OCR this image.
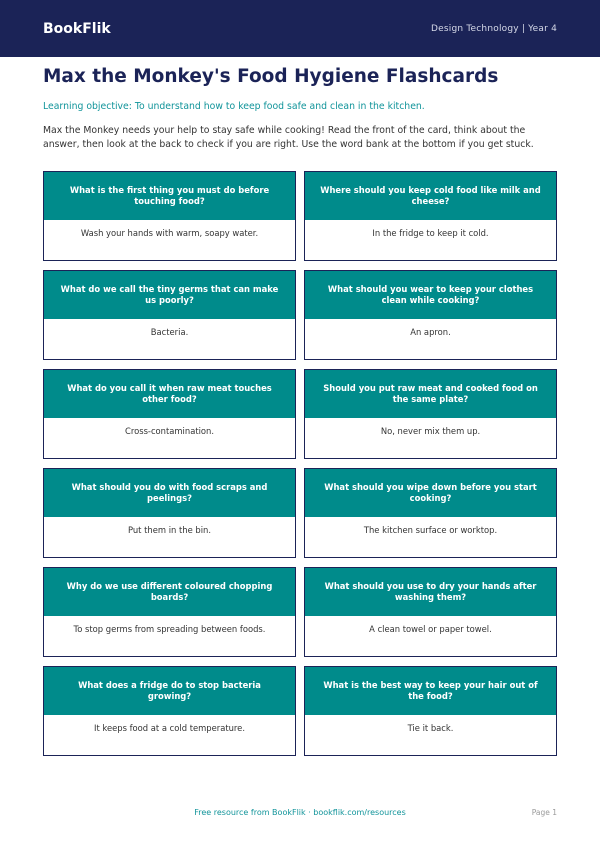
BookFlik	Design Technology | Year 4
Max the Monkey's Food Hygiene Flashcards

Learning objective: To understand how to keep food safe and clean in the kitchen.

Max the Monkey needs your help to stay safe while cooking! Read the front of the card, think about the answer, then look at the back to check if you are right. Use the word bank at the bottom if you get stuck.

What is the first thing you must do before touching food?
Wash your hands with warm, soapy water.
Where should you keep cold food like milk and cheese?
In the fridge to keep it cold.
What do we call the tiny germs that can make us poorly?
Bacteria.
What should you wear to keep your clothes clean while cooking?
An apron.
What do you call it when raw meat touches other food?
Cross-contamination.
Should you put raw meat and cooked food on the same plate?
No, never mix them up.
What should you do with food scraps and peelings?
Put them in the bin.
What should you wipe down before you start cooking?
The kitchen surface or worktop.
Why do we use different coloured chopping boards?
To stop germs from spreading between foods.
What should you use to dry your hands after washing them?
A clean towel or paper towel.
What does a fridge do to stop bacteria growing?
It keeps food at a cold temperature.
What is the best way to keep your hair out of the food?
Tie it back.
Free resource from BookFlik · bookflik.com/resources	Page 1
